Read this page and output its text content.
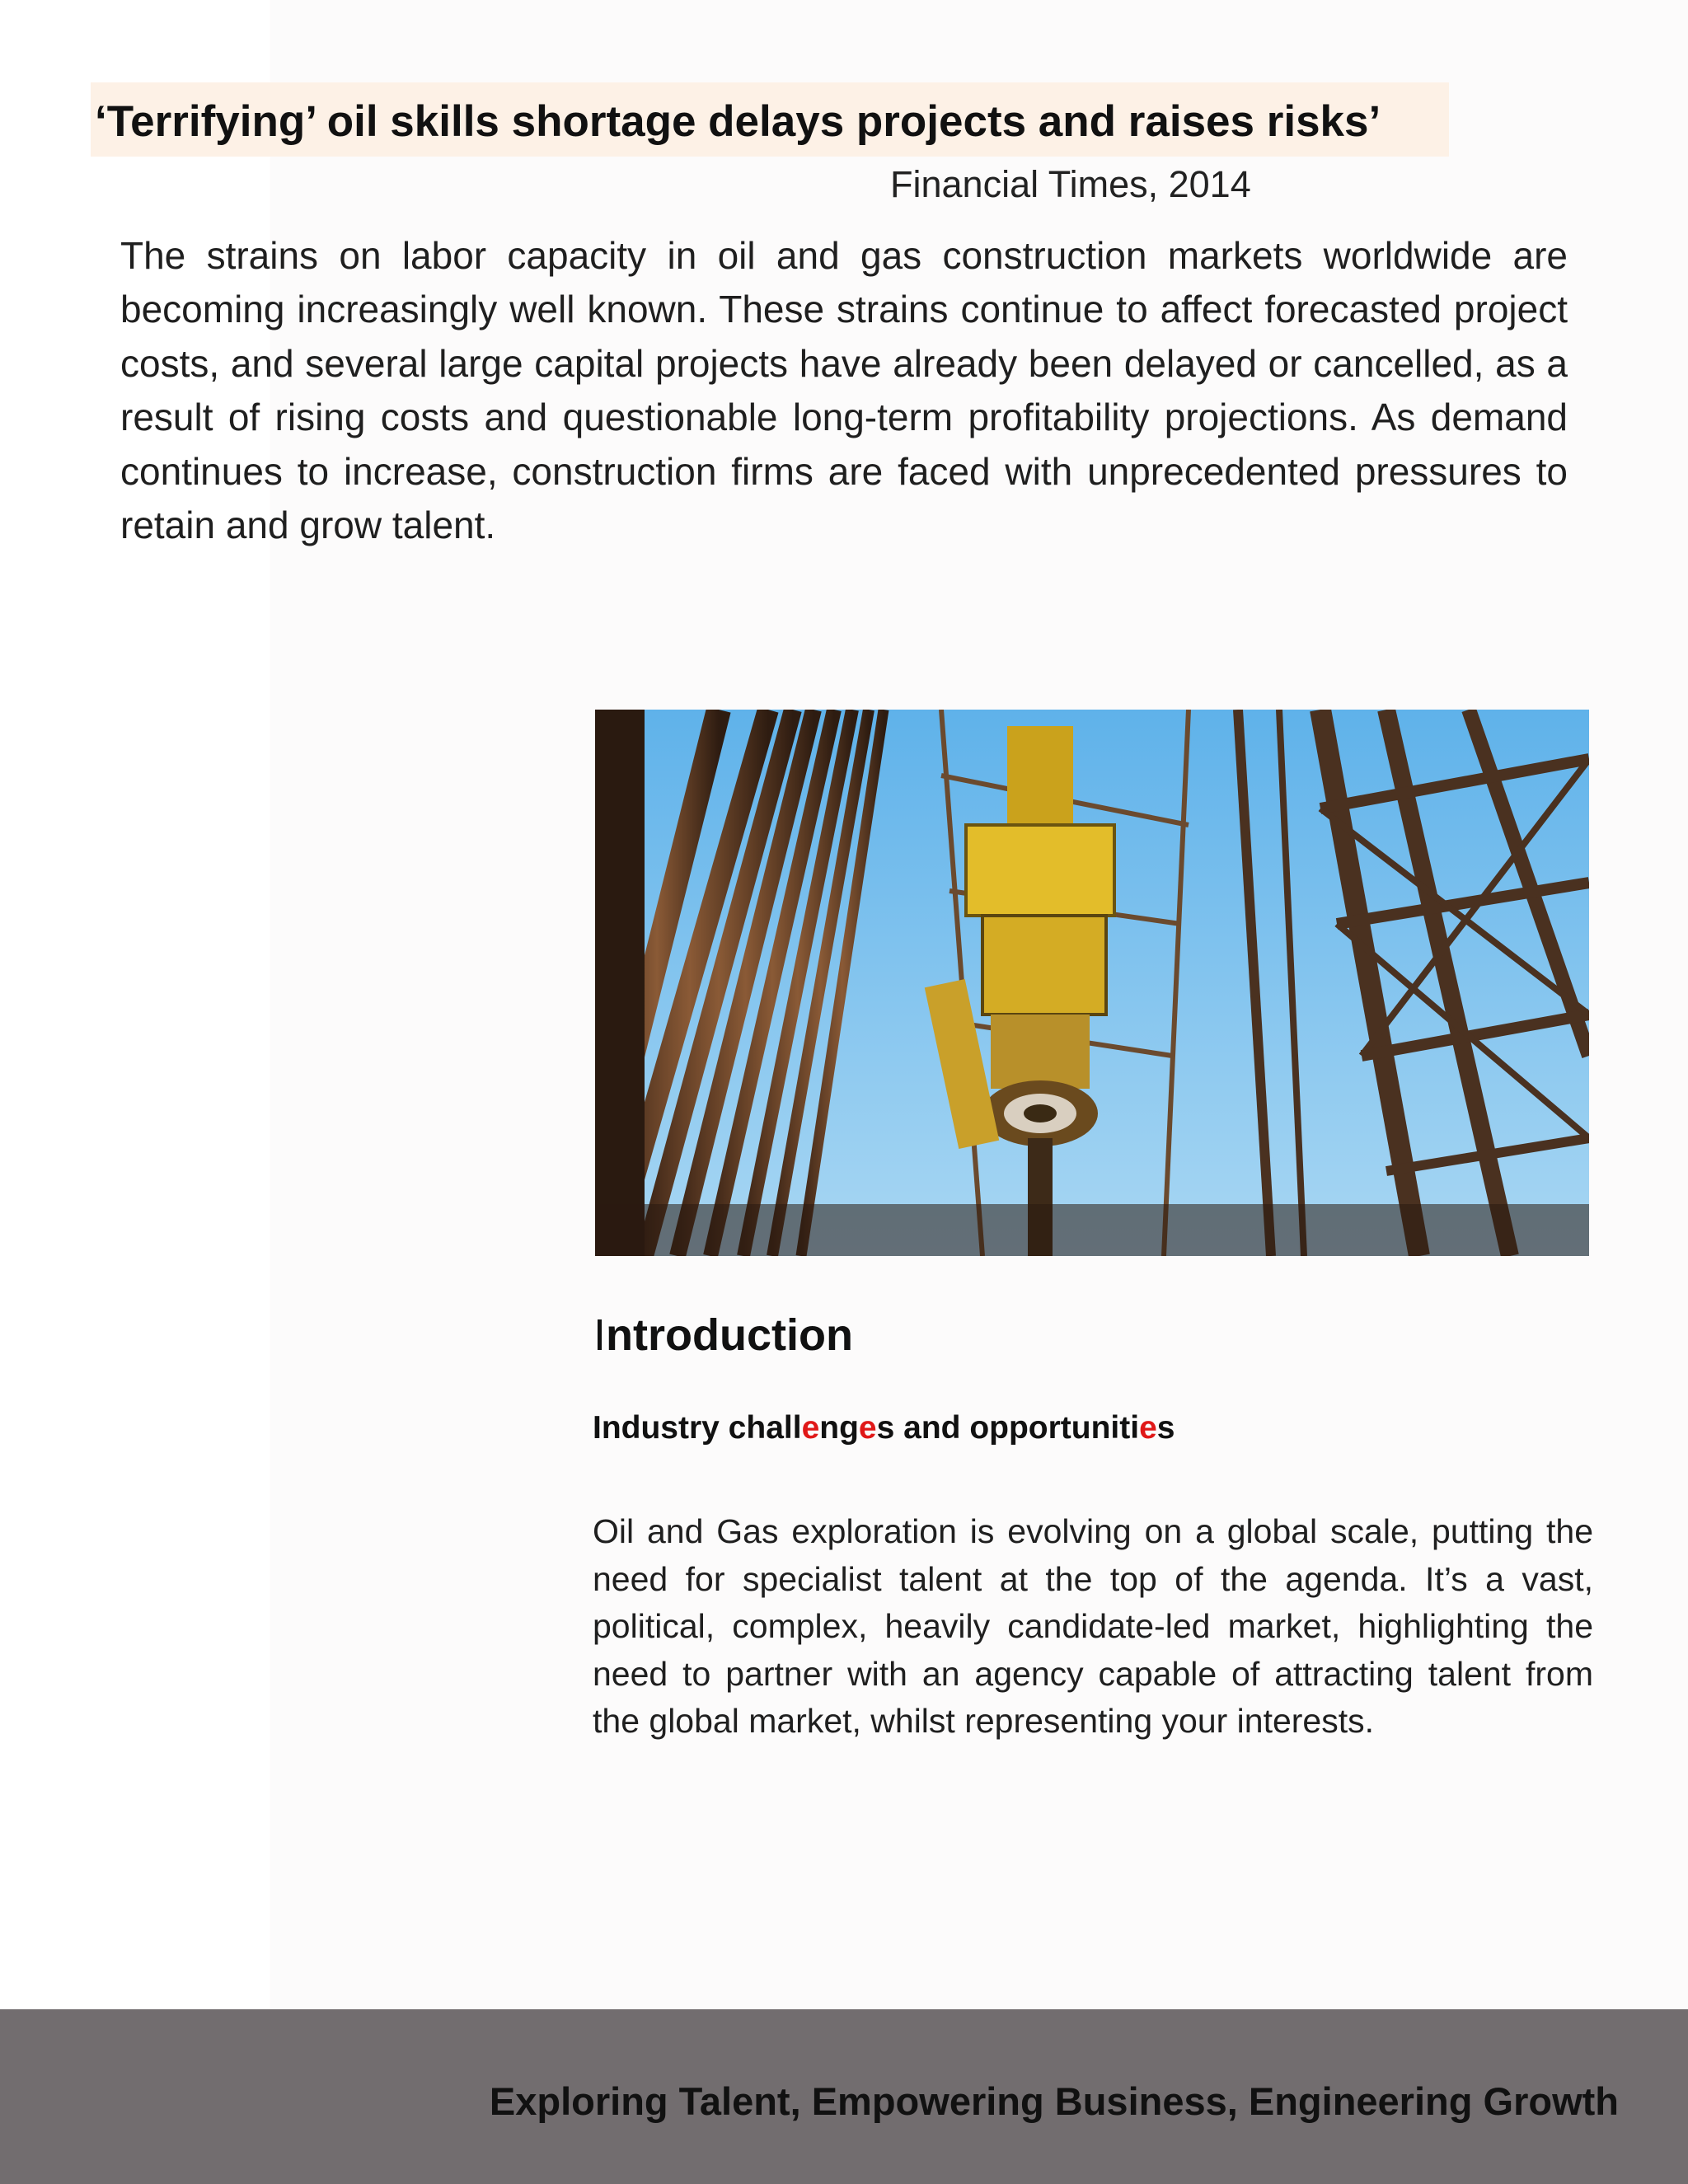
‘Terrifying’ oil skills shortage delays projects and raises risks’
Financial Times, 2014
The strains on labor capacity in oil and gas construction markets worldwide are becoming increasingly well known. These strains continue to affect forecasted project costs, and several large capital projects have already been delayed or cancelled, as a result of rising costs and questionable long-term profitability projections. As demand continues to increase, construction firms are faced with unprecedented pressures to retain and grow talent.
Introduction
Industry challenges and opportunities
Oil and Gas exploration is evolving on a global scale, putting the need for specialist talent at the top of the agenda. It’s a vast, political, complex, heavily candidate-led market, highlighting the need to partner with an agency capable of attracting talent from the global market, whilst representing your interests.
Exploring Talent, Empowering Business, Engineering Growth
